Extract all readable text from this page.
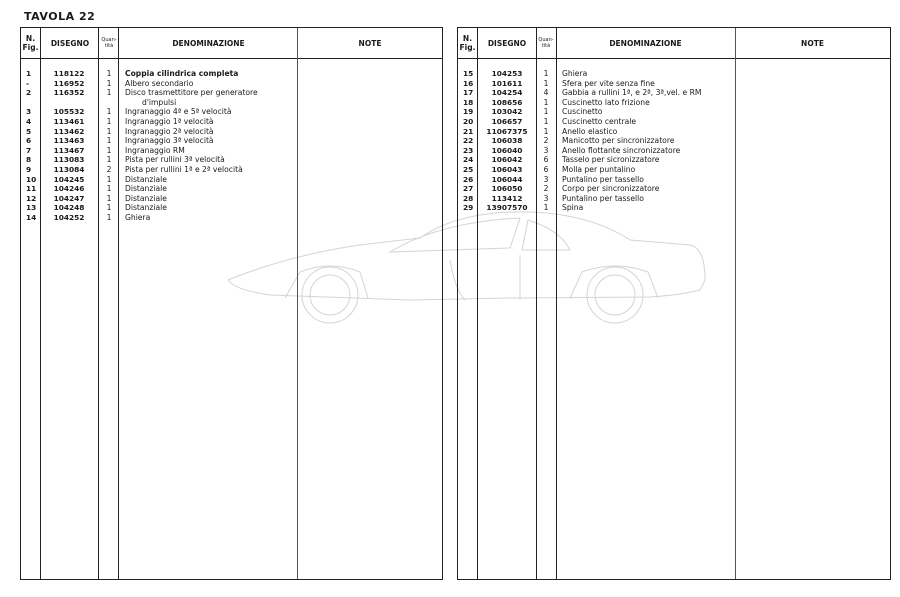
TAVOLA 22
N. Fig.	DISEGNO	Quan- tità	DENOMINAZIONE	NOTE
1	118122	1	Coppia cilindrica completa
-	116952	1	Albero secondario
2	116352	1	Disco trasmettitore per generatore
d'impulsi
3	105532	1	Ingranaggio 4ª e 5ª velocità
4	113461	1	Ingranaggio 1ª velocità
5	113462	1	Ingranaggio 2ª velocità
6	113463	1	Ingranaggio 3ª velocità
7	113467	1	Ingranaggio RM
8	113083	1	Pista per rullini 3ª velocità
9	113084	2	Pista per rullini 1ª e 2ª velocità
10	104245	1	Distanziale
11	104246	1	Distanziale
12	104247	1	Distanziale
13	104248	1	Distanziale
14	104252	1	Ghiera
N. Fig.	DISEGNO	Quan- tità	DENOMINAZIONE	NOTE
15	104253	1	Ghiera
16	101611	1	Sfera per vite senza fine
17	104254	4	Gabbia a rullini 1ª, e 2ª, 3ª,vel. e RM
18	108656	1	Cuscinetto lato frizione
19	103042	1	Cuscinetto
20	106657	1	Cuscinetto centrale
21	11067375	1	Anello elastico
22	106038	2	Manicotto per sincronizzatore
23	106040	3	Anello flottante sincronizzatore
24	106042	6	Tasselo per sicronizzatore
25	106043	6	Molla per puntalino
26	106044	3	Puntalino per tassello
27	106050	2	Corpo per sincronizzatore
28	113412	3	Puntalino per tassello
29	13907570	1	Spina
